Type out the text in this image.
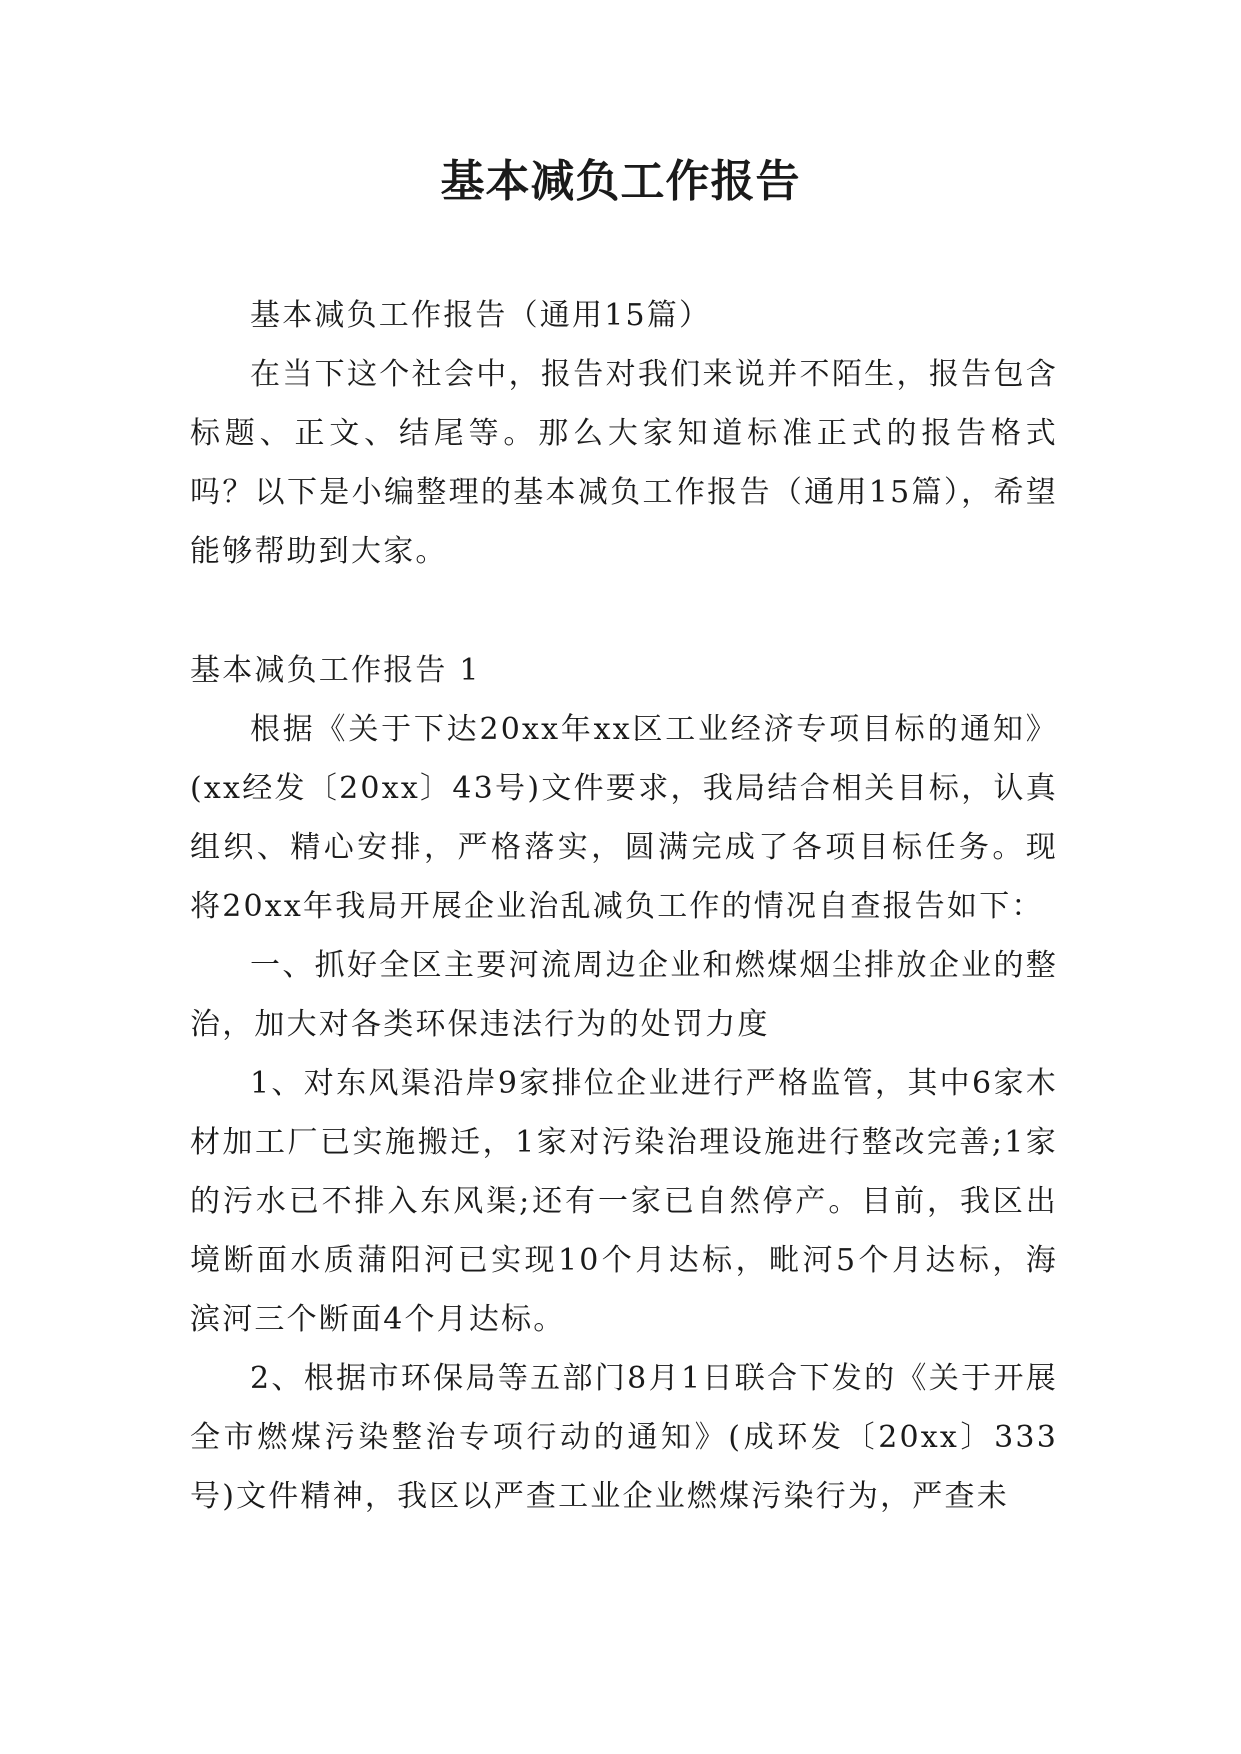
基本减负工作报告

基本减负工作报告（通用15篇）

在当下这个社会中，报告对我们来说并不陌生，报告包含标题、正文、结尾等。那么大家知道标准正式的报告格式吗？以下是小编整理的基本减负工作报告（通用15篇），希望能够帮助到大家。

基本减负工作报告 1

根据《关于下达20xx年xx区工业经济专项目标的通知》(xx经发〔20xx〕43号)文件要求，我局结合相关目标，认真组织、精心安排，严格落实，圆满完成了各项目标任务。现将20xx年我局开展企业治乱减负工作的情况自查报告如下：

一、抓好全区主要河流周边企业和燃煤烟尘排放企业的整治，加大对各类环保违法行为的处罚力度

1、对东风渠沿岸9家排位企业进行严格监管，其中6家木材加工厂已实施搬迁，1家对污染治理设施进行整改完善;1家的污水已不排入东风渠;还有一家已自然停产。目前，我区出境断面水质蒲阳河已实现10个月达标，毗河5个月达标，海滨河三个断面4个月达标。

2、根据市环保局等五部门8月1日联合下发的《关于开展全市燃煤污染整治专项行动的通知》(成环发〔20xx〕333号)文件精神，我区以严查工业企业燃煤污染行为，严查未
